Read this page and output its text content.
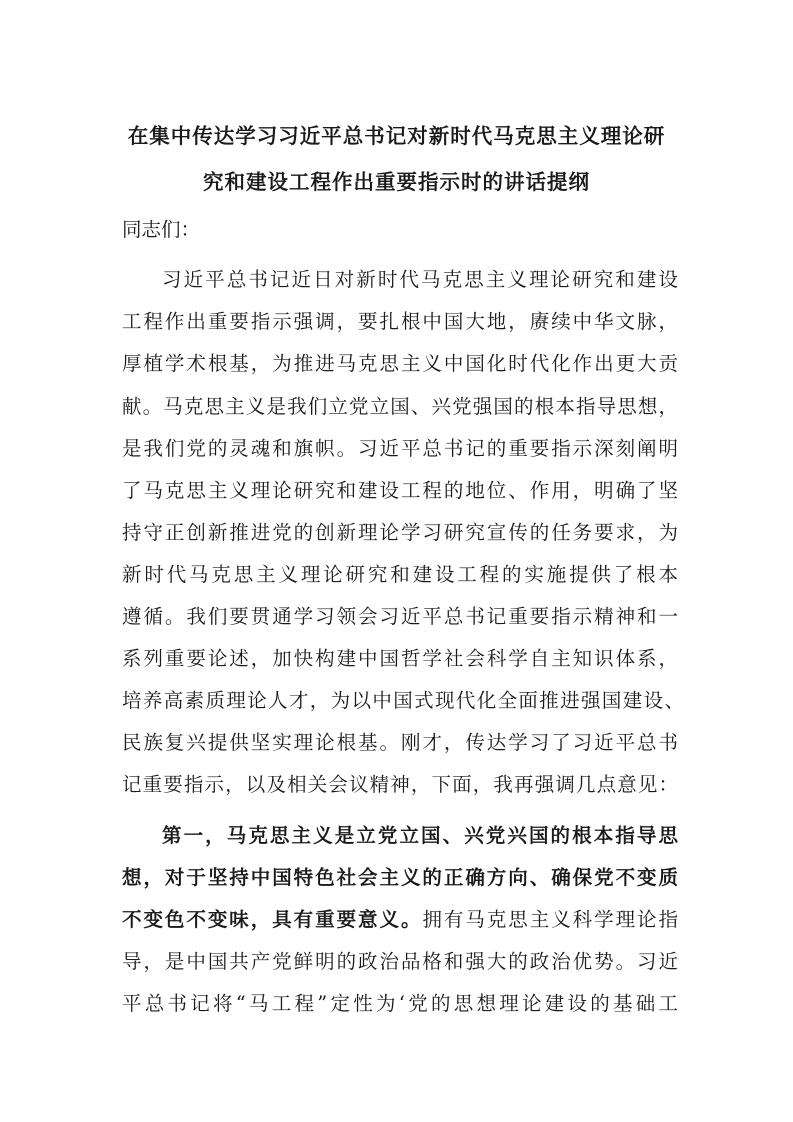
在集中传达学习习近平总书记对新时代马克思主义理论研
究和建设工程作出重要指示时的讲话提纲
同志们：
习近平总书记近日对新时代马克思主义理论研究和建设
工程作出重要指示强调，要扎根中国大地，赓续中华文脉，
厚植学术根基，为推进马克思主义中国化时代化作出更大贡
献。马克思主义是我们立党立国、兴党强国的根本指导思想，
是我们党的灵魂和旗帜。习近平总书记的重要指示深刻阐明
了马克思主义理论研究和建设工程的地位、作用，明确了坚
持守正创新推进党的创新理论学习研究宣传的任务要求，为
新时代马克思主义理论研究和建设工程的实施提供了根本
遵循。我们要贯通学习领会习近平总书记重要指示精神和一
系列重要论述，加快构建中国哲学社会科学自主知识体系，
培养高素质理论人才，为以中国式现代化全面推进强国建设、
民族复兴提供坚实理论根基。刚才，传达学习了习近平总书
记重要指示，以及相关会议精神，下面，我再强调几点意见：
第一，马克思主义是立党立国、兴党兴国的根本指导思
想，对于坚持中国特色社会主义的正确方向、确保党不变质
不变色不变味，具有重要意义。拥有马克思主义科学理论指
导，是中国共产党鲜明的政治品格和强大的政治优势。习近
平总书记将“马工程”定性为‘党的思想理论建设的基础工
